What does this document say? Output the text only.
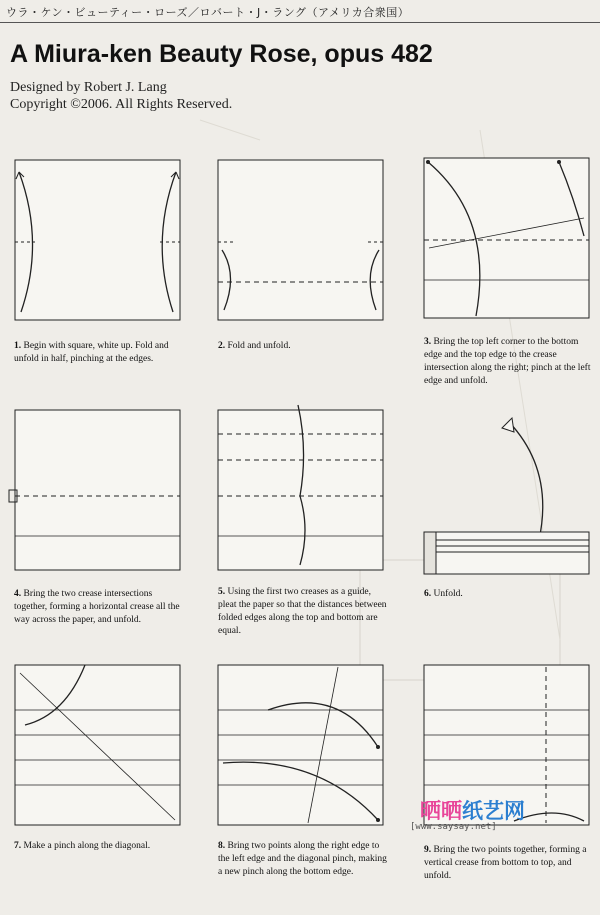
ウラ・ケン・ビューティー・ローズ／ロバート・J・ラング（アメリカ合衆国）
A Miura-ken Beauty Rose, opus 482
Designed by Robert J. Lang
Copyright ©2006. All Rights Reserved.
1. Begin with square, white up. Fold and unfold in half, pinching at the edges.
2. Fold and unfold.	3. Bring the top left corner to the bottom edge and the top edge to the crease intersection along the right; pinch at the left edge and unfold.
4. Bring the two crease intersections together, forming a horizontal crease all the way across the paper, and unfold.
5. Using the first two creases as a guide, pleat the paper so that the distances between folded edges along the top and bottom are equal.
6. Unfold.
7. Make a pinch along the diagonal.	8. Bring two points along the right edge to the left edge and the diagonal pinch, making a new pinch along the bottom edge.
9. Bring the two points together, forming a vertical crease from bottom to top, and unfold.
晒晒纸艺网
[www.saysay.net]
